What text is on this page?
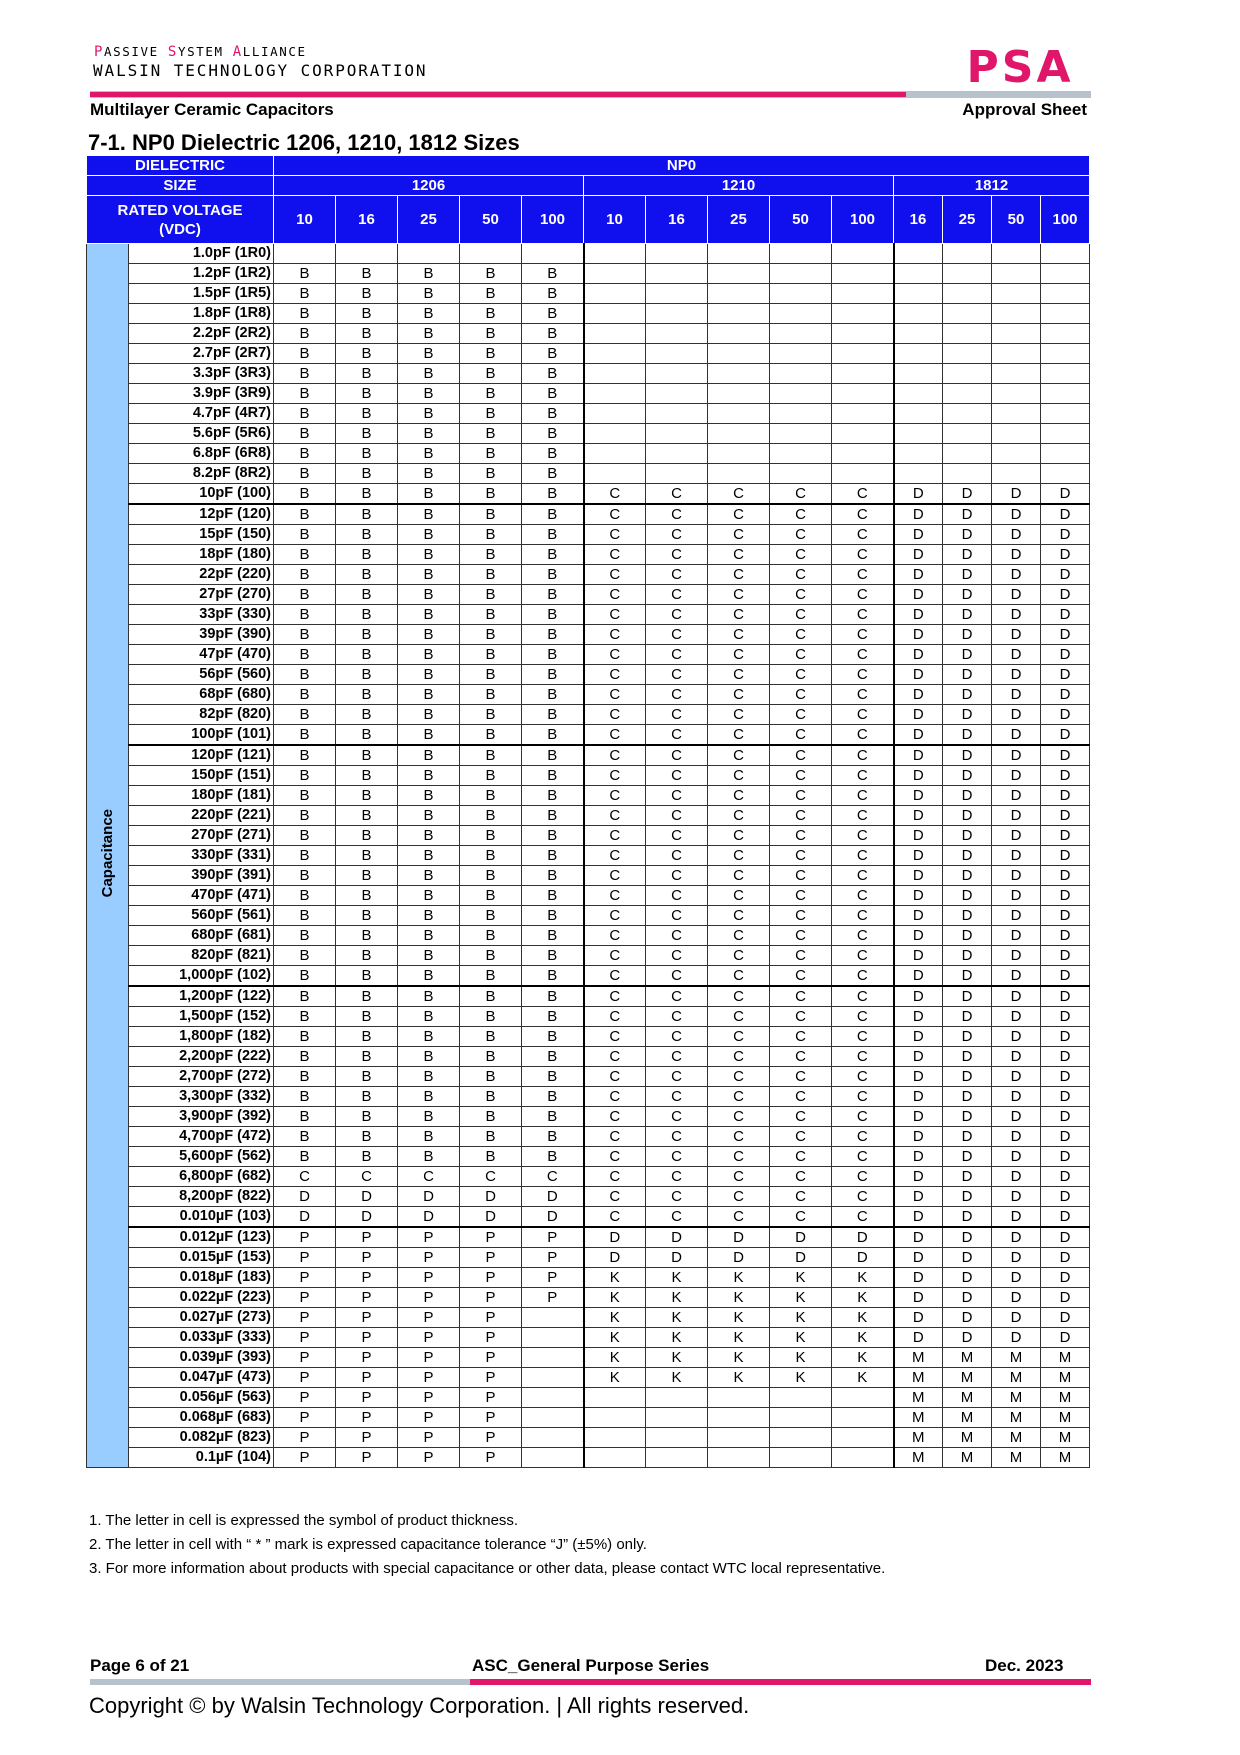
PASSIVE SYSTEM ALLIANCE
WALSIN TECHNOLOGY CORPORATION	PSA
Multilayer Ceramic Capacitors	Approval Sheet
7-1. NP0 Dielectric 1206, 1210, 1812 Sizes
DIELECTRIC		NP0													
SIZE		1206					1210					1812			
RATED VOLTAGE
(VDC)		10	16	25	50	100	10	16	25	50	100	16	25	50	100
Capacitance	1.0pF (1R0)														
	1.2pF (1R2)	B	B	B	B	B									
	1.5pF (1R5)	B	B	B	B	B									
	1.8pF (1R8)	B	B	B	B	B									
	2.2pF (2R2)	B	B	B	B	B									
	2.7pF (2R7)	B	B	B	B	B									
	3.3pF (3R3)	B	B	B	B	B									
	3.9pF (3R9)	B	B	B	B	B									
	4.7pF (4R7)	B	B	B	B	B									
	5.6pF (5R6)	B	B	B	B	B									
	6.8pF (6R8)	B	B	B	B	B									
	8.2pF (8R2)	B	B	B	B	B									
	10pF (100)	B	B	B	B	B	C	C	C	C	C	D	D	D	D
	12pF (120)	B	B	B	B	B	C	C	C	C	C	D	D	D	D
	15pF (150)	B	B	B	B	B	C	C	C	C	C	D	D	D	D
	18pF (180)	B	B	B	B	B	C	C	C	C	C	D	D	D	D
	22pF (220)	B	B	B	B	B	C	C	C	C	C	D	D	D	D
	27pF (270)	B	B	B	B	B	C	C	C	C	C	D	D	D	D
	33pF (330)	B	B	B	B	B	C	C	C	C	C	D	D	D	D
	39pF (390)	B	B	B	B	B	C	C	C	C	C	D	D	D	D
	47pF (470)	B	B	B	B	B	C	C	C	C	C	D	D	D	D
	56pF (560)	B	B	B	B	B	C	C	C	C	C	D	D	D	D
	68pF (680)	B	B	B	B	B	C	C	C	C	C	D	D	D	D
	82pF (820)	B	B	B	B	B	C	C	C	C	C	D	D	D	D
	100pF (101)	B	B	B	B	B	C	C	C	C	C	D	D	D	D
	120pF (121)	B	B	B	B	B	C	C	C	C	C	D	D	D	D
	150pF (151)	B	B	B	B	B	C	C	C	C	C	D	D	D	D
	180pF (181)	B	B	B	B	B	C	C	C	C	C	D	D	D	D
	220pF (221)	B	B	B	B	B	C	C	C	C	C	D	D	D	D
	270pF (271)	B	B	B	B	B	C	C	C	C	C	D	D	D	D
	330pF (331)	B	B	B	B	B	C	C	C	C	C	D	D	D	D
	390pF (391)	B	B	B	B	B	C	C	C	C	C	D	D	D	D
	470pF (471)	B	B	B	B	B	C	C	C	C	C	D	D	D	D
	560pF (561)	B	B	B	B	B	C	C	C	C	C	D	D	D	D
	680pF (681)	B	B	B	B	B	C	C	C	C	C	D	D	D	D
	820pF (821)	B	B	B	B	B	C	C	C	C	C	D	D	D	D
	1,000pF (102)	B	B	B	B	B	C	C	C	C	C	D	D	D	D
	1,200pF (122)	B	B	B	B	B	C	C	C	C	C	D	D	D	D
	1,500pF (152)	B	B	B	B	B	C	C	C	C	C	D	D	D	D
	1,800pF (182)	B	B	B	B	B	C	C	C	C	C	D	D	D	D
	2,200pF (222)	B	B	B	B	B	C	C	C	C	C	D	D	D	D
	2,700pF (272)	B	B	B	B	B	C	C	C	C	C	D	D	D	D
	3,300pF (332)	B	B	B	B	B	C	C	C	C	C	D	D	D	D
	3,900pF (392)	B	B	B	B	B	C	C	C	C	C	D	D	D	D
	4,700pF (472)	B	B	B	B	B	C	C	C	C	C	D	D	D	D
	5,600pF (562)	B	B	B	B	B	C	C	C	C	C	D	D	D	D
	6,800pF (682)	C	C	C	C	C	C	C	C	C	C	D	D	D	D
	8,200pF (822)	D	D	D	D	D	C	C	C	C	C	D	D	D	D
	0.010µF (103)	D	D	D	D	D	C	C	C	C	C	D	D	D	D
	0.012µF (123)	P	P	P	P	P	D	D	D	D	D	D	D	D	D
	0.015µF (153)	P	P	P	P	P	D	D	D	D	D	D	D	D	D
	0.018µF (183)	P	P	P	P	P	K	K	K	K	K	D	D	D	D
	0.022µF (223)	P	P	P	P	P	K	K	K	K	K	D	D	D	D
	0.027µF (273)	P	P	P	P		K	K	K	K	K	D	D	D	D
	0.033µF (333)	P	P	P	P		K	K	K	K	K	D	D	D	D
	0.039µF (393)	P	P	P	P		K	K	K	K	K	M	M	M	M
	0.047µF (473)	P	P	P	P		K	K	K	K	K	M	M	M	M
	0.056µF (563)	P	P	P	P							M	M	M	M
	0.068µF (683)	P	P	P	P							M	M	M	M
	0.082µF (823)	P	P	P	P							M	M	M	M
	0.1µF (104)	P	P	P	P							M	M	M	M
1. The letter in cell is expressed the symbol of product thickness.
2. The letter in cell with “ * ” mark is expressed capacitance tolerance “J” (±5%) only.
3. For more information about products with special capacitance or other data, please contact WTC local representative.
Page 6 of 21	ASC_General Purpose Series	Dec. 2023
Copyright © by Walsin Technology Corporation. | All rights reserved.
